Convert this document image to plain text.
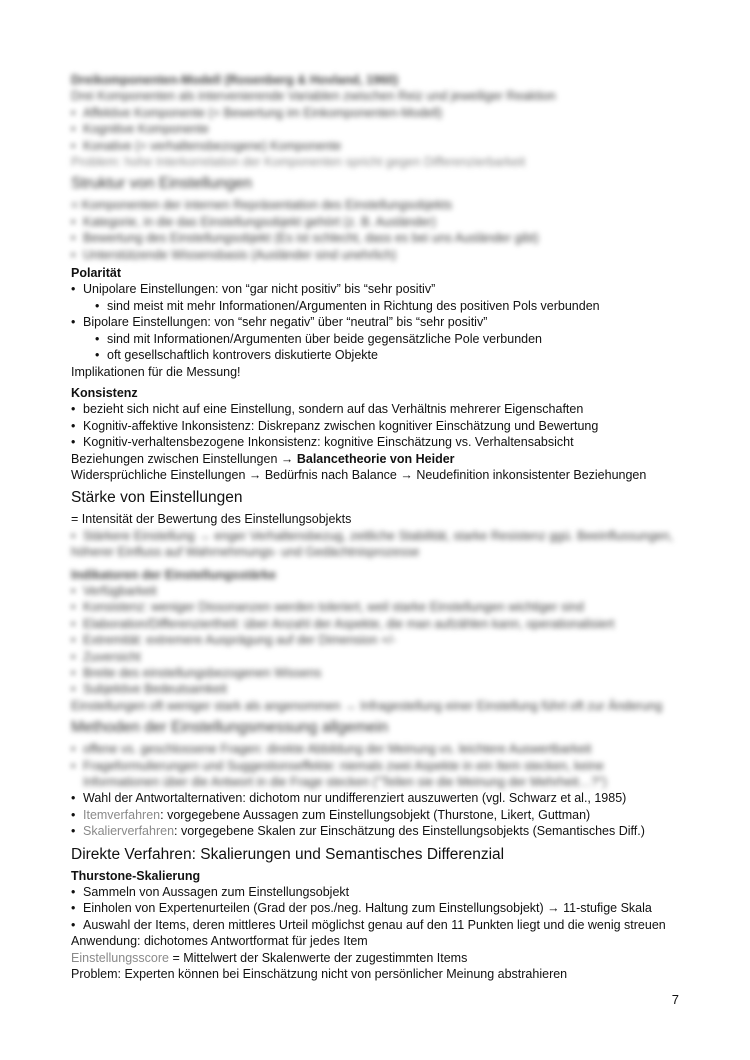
Dreikomponenten-Modell (Rosenberg & Hovland, 1960)

Drei Komponenten als intervenierende Variablen zwischen Reiz und jeweiliger Reaktion

• Affektive Komponente (= Bewertung im Einkomponenten-Modell)

• Kognitive Komponente

• Konative (= verhaltensbezogene) Komponente

Problem: hohe Interkorrelation der Komponenten spricht gegen Differenzierbarkeit

Struktur von Einstellungen

= Komponenten der internen Repräsentation des Einstellungsobjekts

• Kategorie, in die das Einstellungsobjekt gehört (z. B. Ausländer)

• Bewertung des Einstellungsobjekt (Es ist schlecht, dass es bei uns Ausländer gibt)

• Unterstützende Wissensbasis (Ausländer sind unehrlich)

Polarität

• Unipolare Einstellungen: von “gar nicht positiv” bis “sehr positiv”

• sind meist mit mehr Informationen/Argumenten in Richtung des positiven Pols verbunden

• Bipolare Einstellungen: von “sehr negativ” über “neutral” bis “sehr positiv”

• sind mit Informationen/Argumenten über beide gegensätzliche Pole verbunden

• oft gesellschaftlich kontrovers diskutierte Objekte

Implikationen für die Messung!

Konsistenz

• bezieht sich nicht auf eine Einstellung, sondern auf das Verhältnis mehrerer Eigenschaften

• Kognitiv-affektive Inkonsistenz: Diskrepanz zwischen kognitiver Einschätzung und Bewertung

• Kognitiv-verhaltensbezogene Inkonsistenz: kognitive Einschätzung vs. Verhaltensabsicht

Beziehungen zwischen Einstellungen → Balancetheorie von Heider

Widersprüchliche Einstellungen → Bedürfnis nach Balance → Neudefinition inkonsistenter Beziehungen

Stärke von Einstellungen

= Intensität der Bewertung des Einstellungsobjekts

• Stärkere Einstellung → enger Verhaltensbezug, zeitliche Stabilität, starke Resistenz ggü. Beeinflussungen,

höherer Einfluss auf Wahrnehmungs- und Gedächtnisprozesse

Indikatoren der Einstellungsstärke

• Verfügbarkeit

• Konsistenz: weniger Dissonanzen werden toleriert, weil starke Einstellungen wichtiger sind

• Elaboration/Differenziertheit: über Anzahl der Aspekte, die man aufzählen kann, operationalisiert

• Extremität: extremere Ausprägung auf der Dimension +/-

• Zuversicht

• Breite des einstellungsbezogenen Wissens

• Subjektive Bedeutsamkeit

Einstellungen oft weniger stark als angenommen → Infragestellung einer Einstellung führt oft zur Änderung

Methoden der Einstellungsmessung allgemein

• offene vs. geschlossene Fragen: direkte Abbildung der Meinung vs. leichtere Auswertbarkeit

• Frageformulierungen und Suggestionseffekte: niemals zwei Aspekte in ein Item stecken, keine

Informationen über die Antwort in die Frage stecken ("Teilen sie die Meinung der Mehrheit…?")

• Wahl der Antwortalternativen: dichotom nur undifferenziert auszuwerten (vgl. Schwarz et al., 1985)

• Itemverfahren: vorgegebene Aussagen zum Einstellungsobjekt (Thurstone, Likert, Guttman)

• Skalierverfahren: vorgegebene Skalen zur Einschätzung des Einstellungsobjekts (Semantisches Diff.)

Direkte Verfahren: Skalierungen und Semantisches Differenzial

Thurstone-Skalierung

• Sammeln von Aussagen zum Einstellungsobjekt

• Einholen von Expertenurteilen (Grad der pos./neg. Haltung zum Einstellungsobjekt) → 11-stufige Skala

• Auswahl der Items, deren mittleres Urteil möglichst genau auf den 11 Punkten liegt und die wenig streuen

Anwendung: dichotomes Antwortformat für jedes Item

Einstellungsscore = Mittelwert der Skalenwerte der zugestimmten Items

Problem: Experten können bei Einschätzung nicht von persönlicher Meinung abstrahieren

7
